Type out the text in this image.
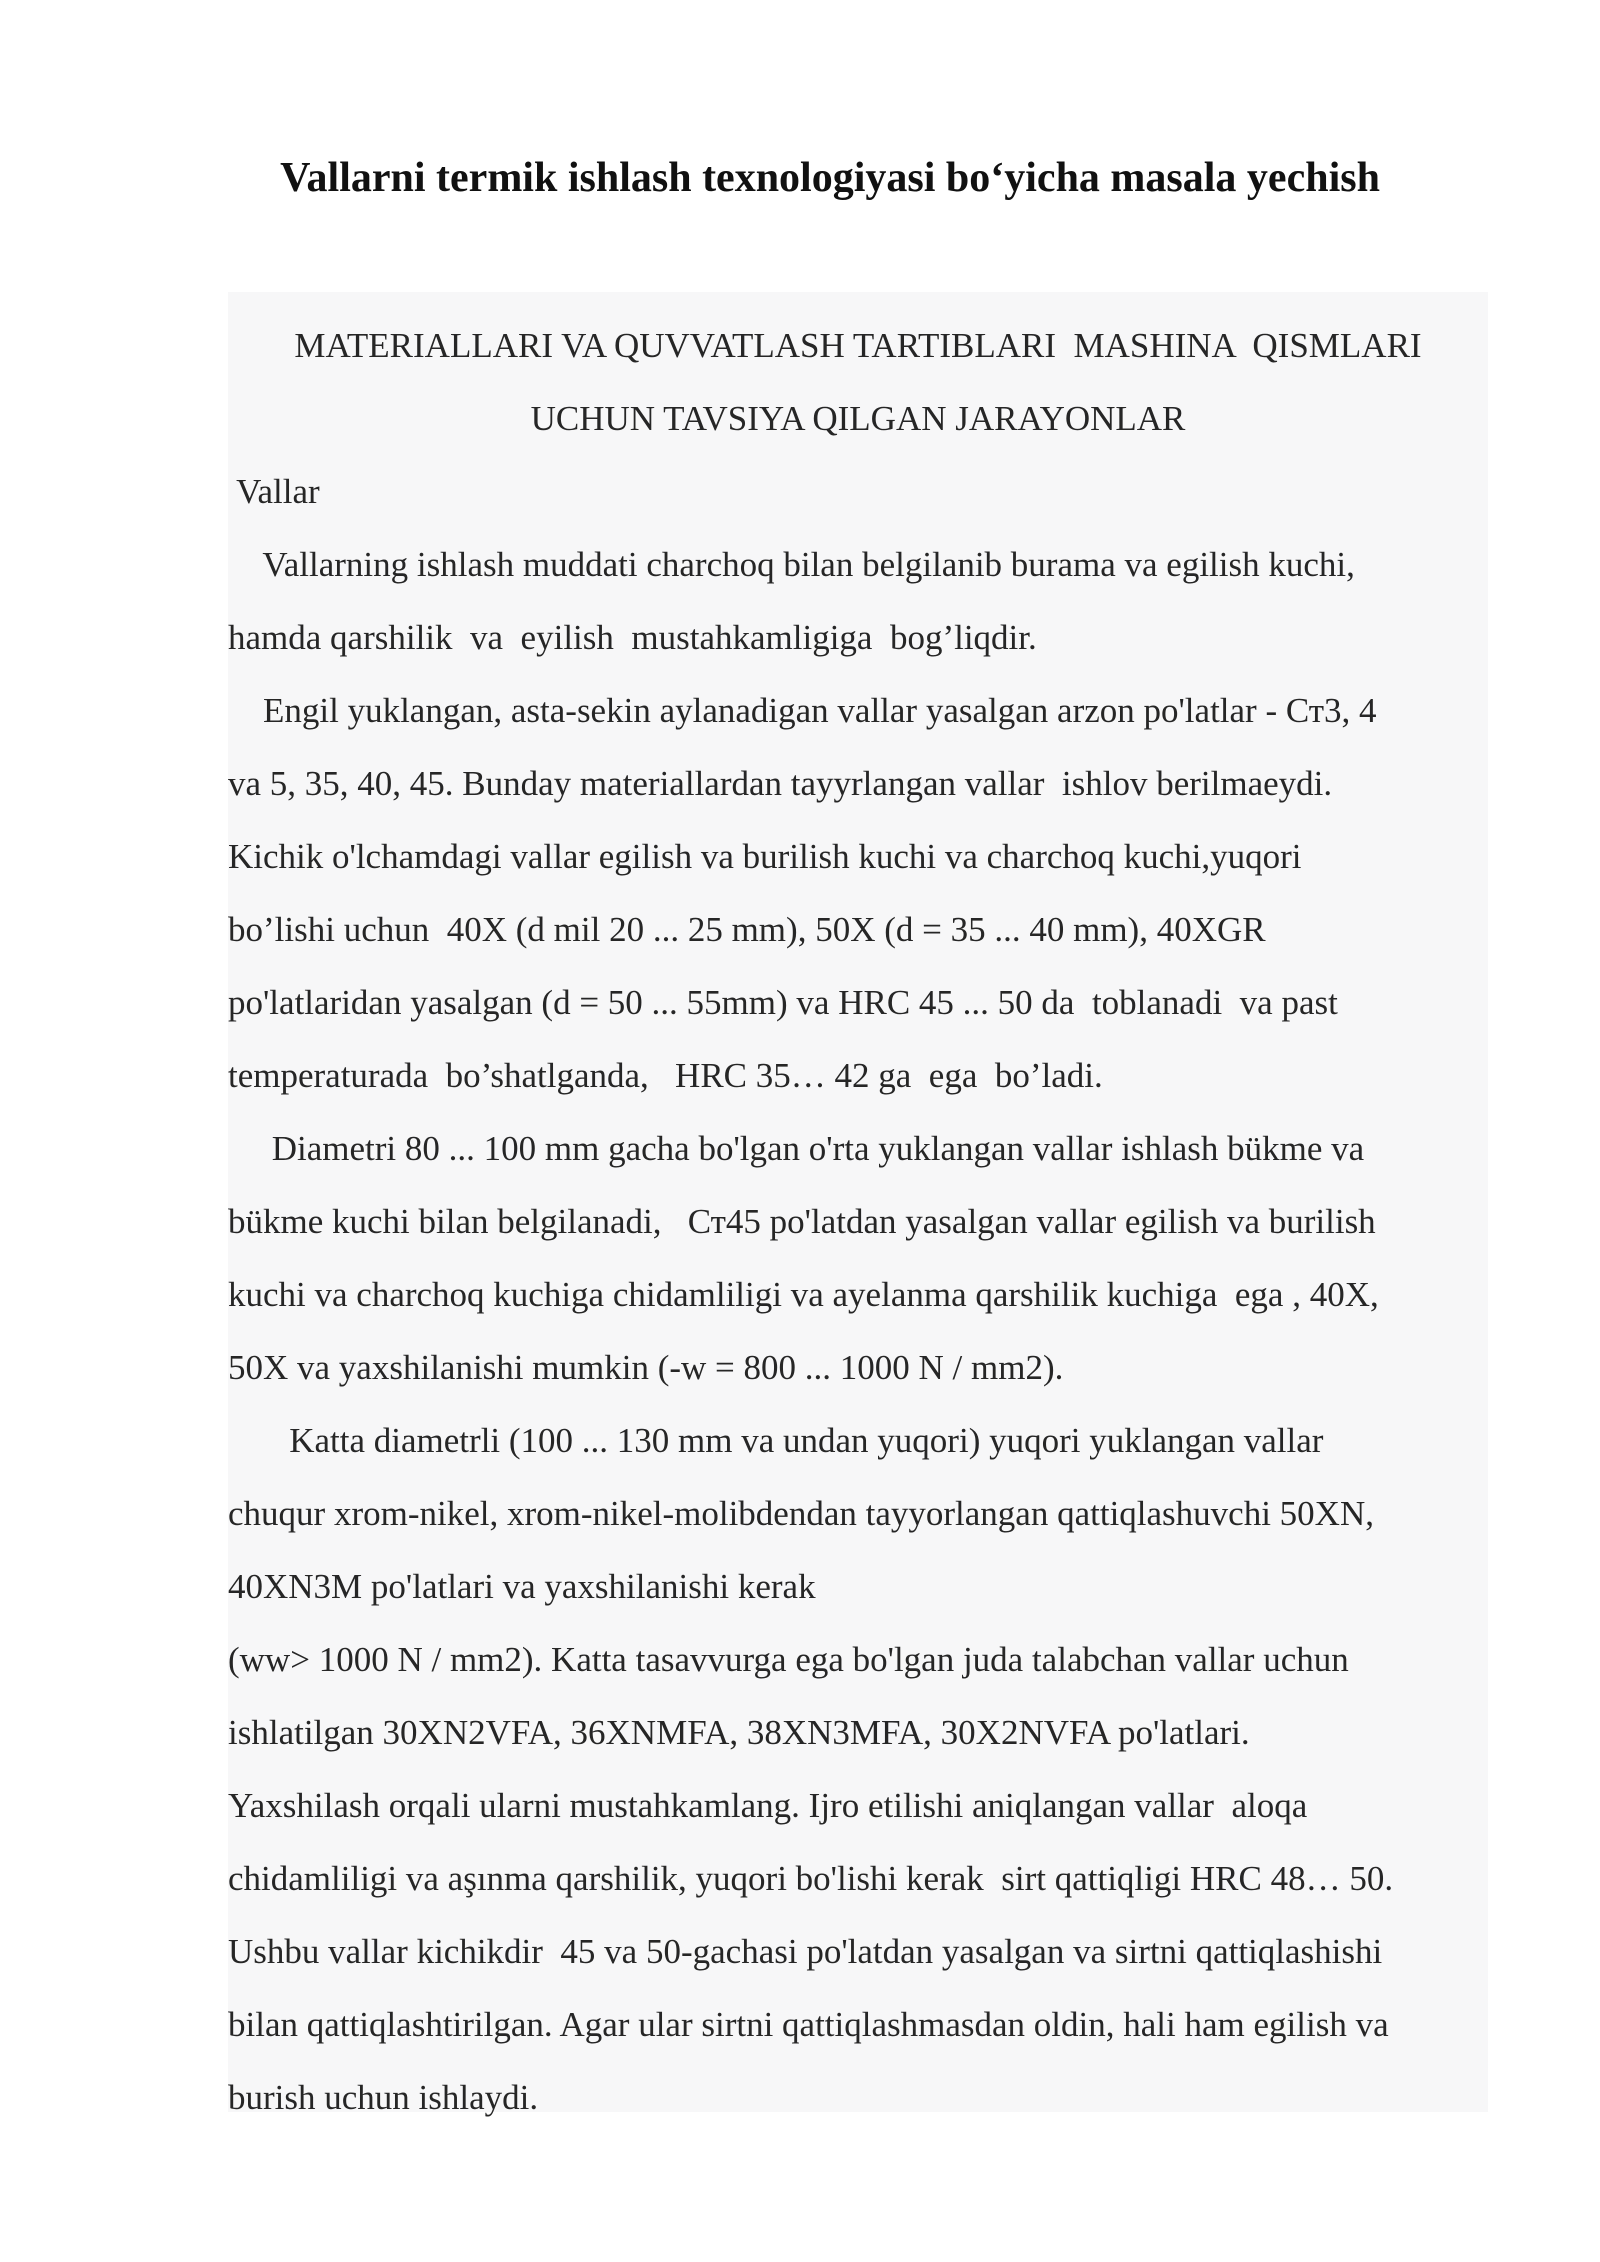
Vallarni termik ishlash texnologiyasi bo‘yicha masala yechish
MATERIALLARI VA QUVVATLASH TARTIBLARI  MASHINA  QISMLARI
UCHUN TAVSIYA QILGAN JARAYONLAR
Vallar
Vallarning ishlash muddati charchoq bilan belgilanib burama va egilish kuchi,
hamda qarshilik  va  eyilish  mustahkamligiga  bog’liqdir.
Engil yuklangan, asta-sekin aylanadigan vallar yasalgan arzon po'latlar - Ст3, 4
va 5, 35, 40, 45. Bunday materiallardan tayyrlangan vallar  ishlov berilmaeydi.
Kichik o'lchamdagi vallar egilish va burilish kuchi va charchoq kuchi,yuqori
bo’lishi uchun  40X (d mil 20 ... 25 mm), 50X (d = 35 ... 40 mm), 40XGR
po'latlaridan yasalgan (d = 50 ... 55mm) va HRC 45 ... 50 da  toblanadi  va past
temperaturada  bo’shatlganda,   HRC 35… 42 ga  ega  bo’ladi.
Diametri 80 ... 100 mm gacha bo'lgan o'rta yuklangan vallar ishlash bükme va
bükme kuchi bilan belgilanadi,   Ст45 po'latdan yasalgan vallar egilish va burilish
kuchi va charchoq kuchiga chidamliligi va ayelanma qarshilik kuchiga  ega , 40X,
50X va yaxshilanishi mumkin (-w = 800 ... 1000 N / mm2).
Katta diametrli (100 ... 130 mm va undan yuqori) yuqori yuklangan vallar
chuqur xrom-nikel, xrom-nikel-molibdendan tayyorlangan qattiqlashuvchi 50XN,
40XN3M po'latlari va yaxshilanishi kerak
(ww> 1000 N / mm2). Katta tasavvurga ega bo'lgan juda talabchan vallar uchun
ishlatilgan 30XN2VFA, 36XNMFA, 38XN3MFA, 30X2NVFA po'latlari.
Yaxshilash orqali ularni mustahkamlang. Ijro etilishi aniqlangan vallar  aloqa
chidamliligi va aşınma qarshilik, yuqori bo'lishi kerak  sirt qattiqligi HRC 48… 50.
Ushbu vallar kichikdir  45 va 50-gachasi po'latdan yasalgan va sirtni qattiqlashishi
bilan qattiqlashtirilgan. Agar ular sirtni qattiqlashmasdan oldin, hali ham egilish va
burish uchun ishlaydi.
